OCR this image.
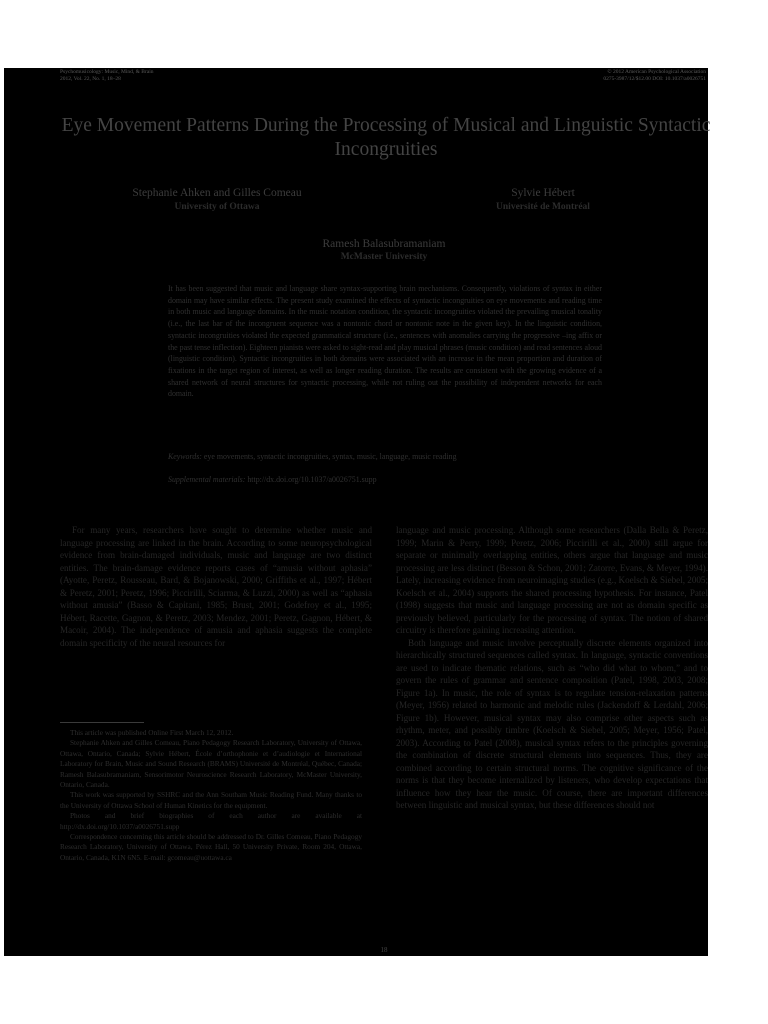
Psychomusicology: Music, Mind, & Brain
2012, Vol. 22, No. 1, 18–28
© 2012 American Psychological Association
0275-3987/12/$12.00 DOI: 10.1037/a0026751
Eye Movement Patterns During the Processing of Musical and Linguistic Syntactic Incongruities
Stephanie Ahken and Gilles Comeau
University of Ottawa
Sylvie Hébert
Université de Montréal
Ramesh Balasubramaniam
McMaster University

It has been suggested that music and language share syntax-supporting brain mechanisms. Consequently, violations of syntax in either domain may have similar effects. The present study examined the effects of syntactic incongruities on eye movements and reading time in both music and language domains. In the music notation condition, the syntactic incongruities violated the prevailing musical tonality (i.e., the last bar of the incongruent sequence was a nontonic chord or nontonic note in the given key). In the linguistic condition, syntactic incongruities violated the expected grammatical structure (i.e., sentences with anomalies carrying the progressive –ing affix or the past tense inflection). Eighteen pianists were asked to sight-read and play musical phrases (music condition) and read sentences aloud (linguistic condition). Syntactic incongruities in both domains were associated with an increase in the mean proportion and duration of fixations in the target region of interest, as well as longer reading duration. The results are consistent with the growing evidence of a shared network of neural structures for syntactic processing, while not ruling out the possibility of independent networks for each domain.

Keywords: eye movements, syntactic incongruities, syntax, music, language, music reading

Supplemental materials: http://dx.doi.org/10.1037/a0026751.supp

For many years, researchers have sought to determine whether music and language processing are linked in the brain. According to some neuropsychological evidence from brain-damaged individuals, music and language are two distinct entities. The brain-damage evidence reports cases of “amusia without aphasia” (Ayotte, Peretz, Rousseau, Bard, & Bojanowski, 2000; Griffiths et al., 1997; Hébert & Peretz, 2001; Peretz, 1996; Piccirilli, Sciarma, & Luzzi, 2000) as well as “aphasia without amusia” (Basso & Capitani, 1985; Brust, 2001; Godefroy et al., 1995; Hébert, Racette, Gagnon, & Peretz, 2003; Mendez, 2001; Peretz, Gagnon, Hébert, & Macoir, 2004). The independence of amusia and aphasia suggests the complete domain specificity of the neural resources for

This article was published Online First March 12, 2012.

Stephanie Ahken and Gilles Comeau, Piano Pedagogy Research Laboratory, University of Ottawa, Ottawa, Ontario, Canada; Sylvie Hébert, École d’orthophonie et d’audiologie et International Laboratory for Brain, Music and Sound Research (BRAMS) Université de Montréal, Québec, Canada; Ramesh Balasubramaniam, Sensorimotor Neuroscience Research Laboratory, McMaster University, Ontario, Canada.

This work was supported by SSHRC and the Ann Southam Music Reading Fund. Many thanks to the University of Ottawa School of Human Kinetics for the equipment.

Photos and brief biographies of each author are available at http://dx.doi.org/10.1037/a0026751.supp

Correspondence concerning this article should be addressed to Dr. Gilles Comeau, Piano Pedagogy Research Laboratory, University of Ottawa, Pérez Hall, 50 University Private, Room 204, Ottawa, Ontario, Canada, K1N 6N5. E-mail: gcomeau@uottawa.ca

language and music processing. Although some researchers (Dalla Bella & Peretz, 1999; Marin & Perry, 1999; Peretz, 2006; Piccirilli et al., 2000) still argue for separate or minimally overlapping entities, others argue that language and music processing are less distinct (Besson & Schon, 2001; Zatorre, Evans, & Meyer, 1994). Lately, increasing evidence from neuroimaging studies (e.g., Koelsch & Siebel, 2005; Koelsch et al., 2004) supports the shared processing hypothesis. For instance, Patel (1998) suggests that music and language processing are not as domain specific as previously believed, particularly for the processing of syntax. The notion of shared circuitry is therefore gaining increasing attention.

Both language and music involve perceptually discrete elements organized into hierarchically structured sequences called syntax. In language, syntactic conventions are used to indicate thematic relations, such as “who did what to whom,” and to govern the rules of grammar and sentence composition (Patel, 1998, 2003, 2008; Figure 1a). In music, the role of syntax is to regulate tension-relaxation patterns (Meyer, 1956) related to harmonic and melodic rules (Jackendoff & Lerdahl, 2006; Figure 1b). However, musical syntax may also comprise other aspects such as rhythm, meter, and possibly timbre (Koelsch & Siebel, 2005; Meyer, 1956; Patel, 2003). According to Patel (2008), musical syntax refers to the principles governing the combination of discrete structural elements into sequences. Thus, they are combined according to certain structural norms. The cognitive significance of the norms is that they become internalized by listeners, who develop expectations that influence how they hear the music. Of course, there are important differences between linguistic and musical syntax, but these differences should not

18
